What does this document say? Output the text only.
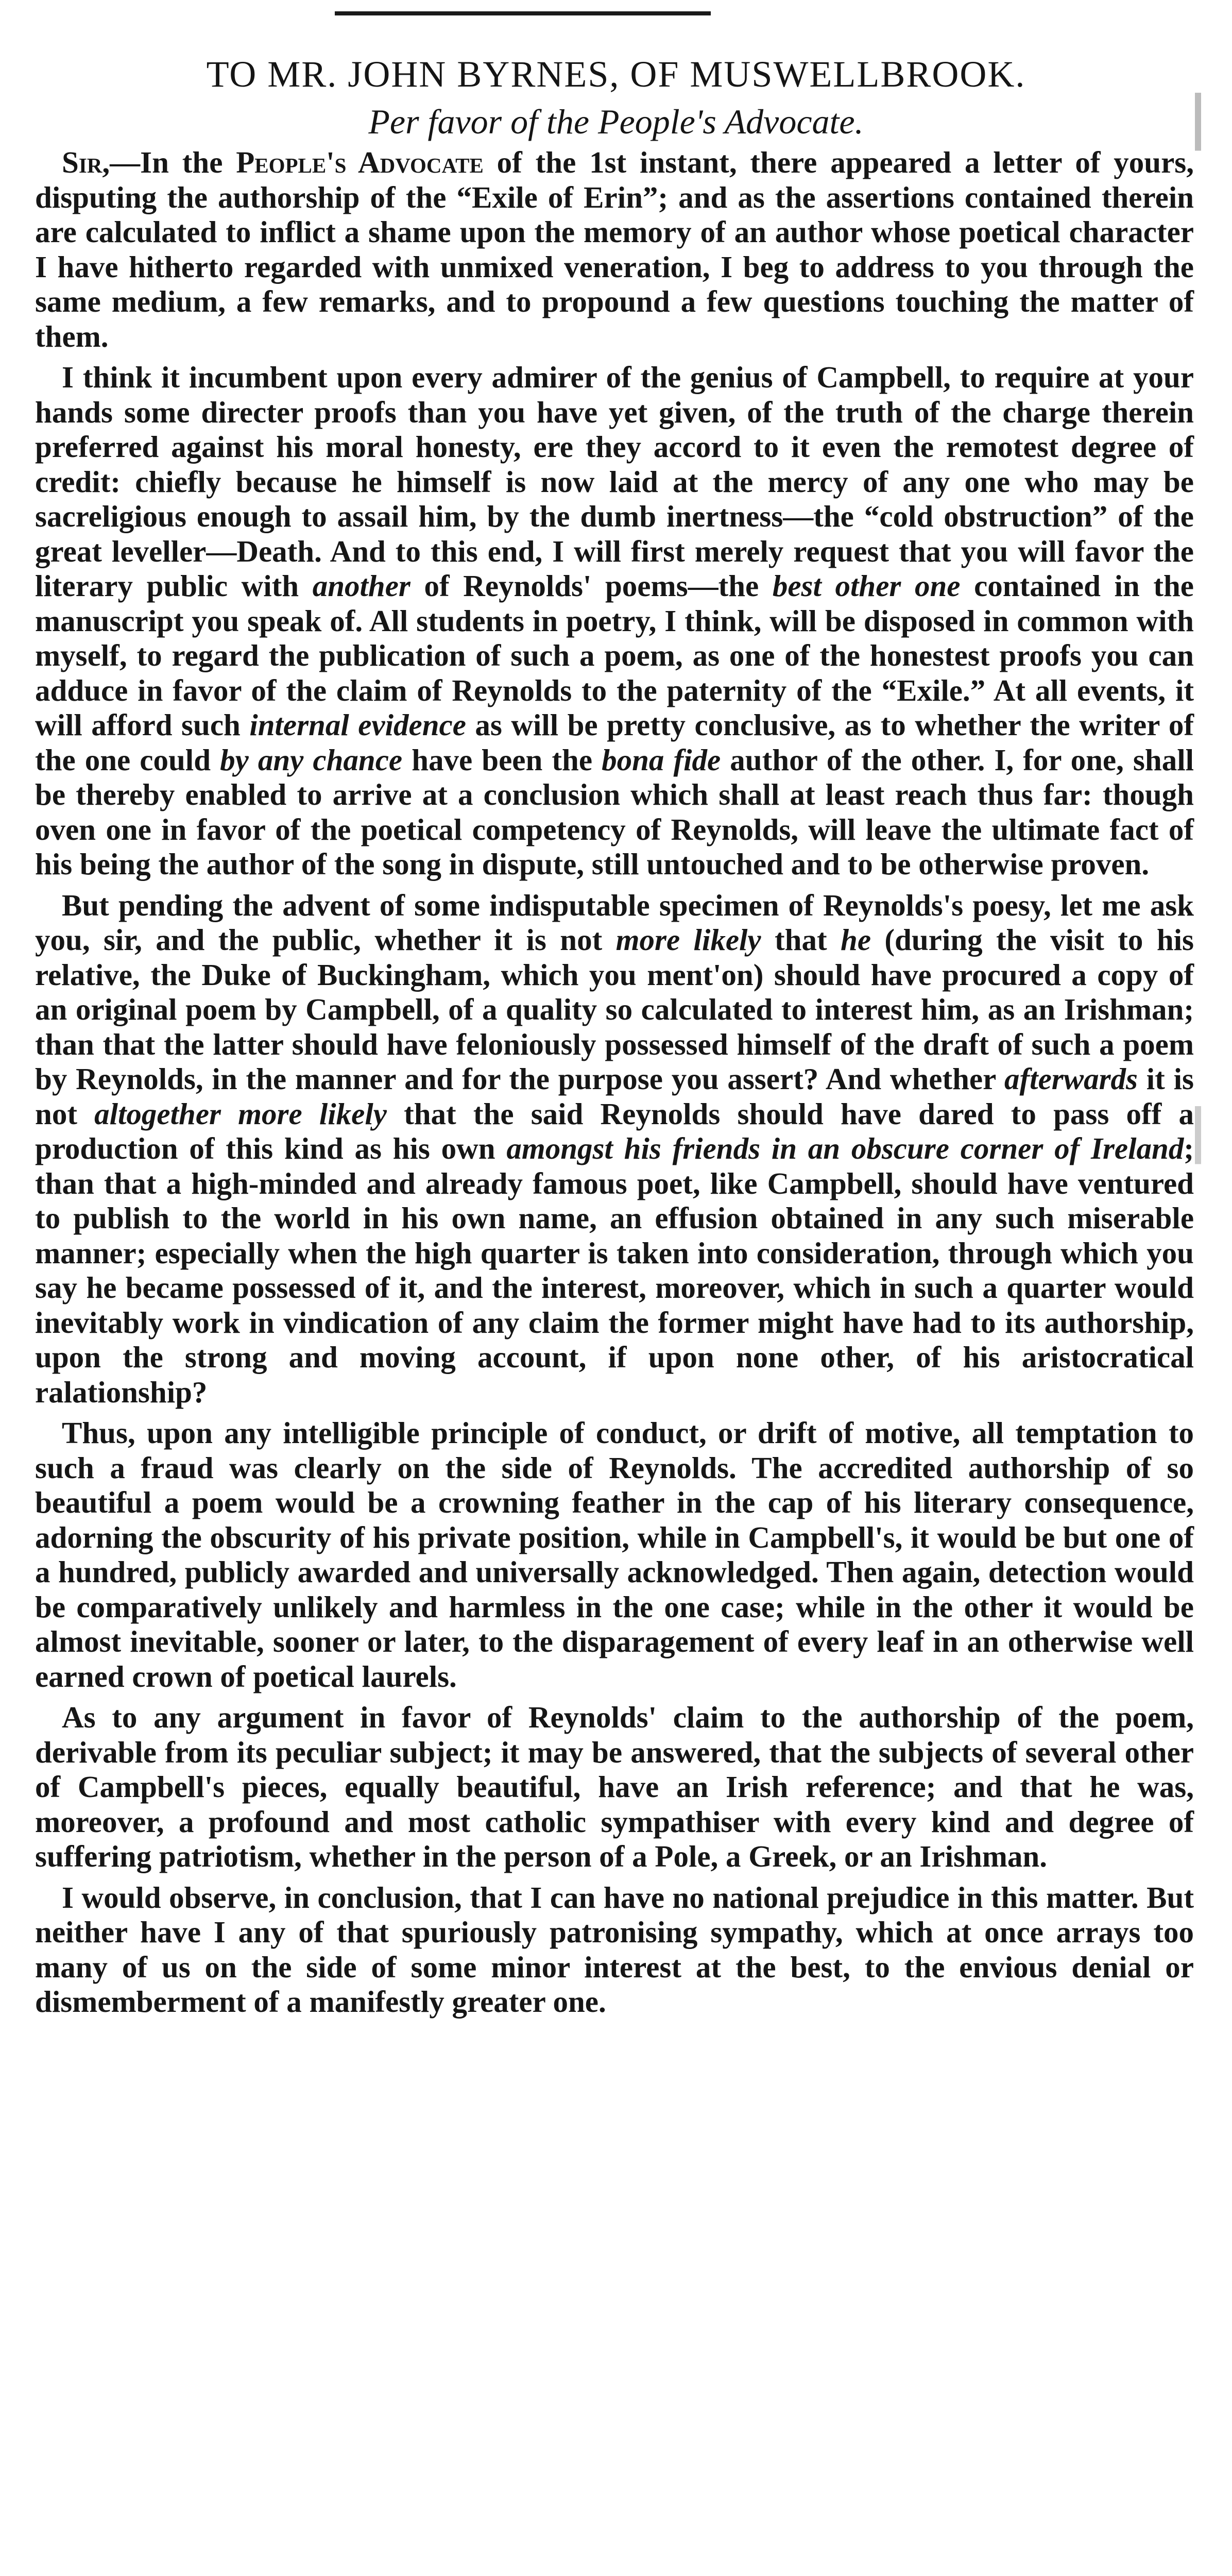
TO MR. JOHN BYRNES, OF MUSWELLBROOK.
Per favor of the People's Advocate.

Sir,—In the People's Advocate of the 1st instant, there appeared a letter of yours, disputing the authorship of the “Exile of Erin”; and as the assertions contained therein are calculated to inflict a shame upon the memory of an author whose poetical character I have hitherto regarded with unmixed veneration, I beg to address to you through the same medium, a few remarks, and to propound a few questions touching the matter of them.

I think it incumbent upon every admirer of the genius of Campbell, to require at your hands some directer proofs than you have yet given, of the truth of the charge therein preferred against his moral honesty, ere they accord to it even the remotest degree of credit: chiefly because he himself is now laid at the mercy of any one who may be sacreligious enough to assail him, by the dumb inertness—the “cold obstruction” of the great leveller—Death. And to this end, I will first merely request that you will favor the literary public with another of Reynolds' poems—the best other one contained in the manuscript you speak of. All students in poetry, I think, will be disposed in common with myself, to regard the publication of such a poem, as one of the honestest proofs you can adduce in favor of the claim of Reynolds to the paternity of the “Exile.” At all events, it will afford such internal evidence as will be pretty conclusive, as to whether the writer of the one could by any chance have been the bona fide author of the other. I, for one, shall be thereby enabled to arrive at a conclusion which shall at least reach thus far: though oven one in favor of the poetical competency of Reynolds, will leave the ultimate fact of his being the author of the song in dispute, still untouched and to be otherwise proven.

But pending the advent of some indisputable specimen of Reynolds's poesy, let me ask you, sir, and the public, whether it is not more likely that he (during the visit to his relative, the Duke of Buckingham, which you ment'on) should have procured a copy of an original poem by Campbell, of a quality so calculated to interest him, as an Irishman; than that the latter should have feloniously possessed himself of the draft of such a poem by Reynolds, in the manner and for the purpose you assert? And whether afterwards it is not altogether more likely that the said Reynolds should have dared to pass off a production of this kind as his own amongst his friends in an obscure corner of Ireland; than that a high-minded and already famous poet, like Campbell, should have ventured to publish to the world in his own name, an effusion obtained in any such miserable manner; especially when the high quarter is taken into consideration, through which you say he became possessed of it, and the interest, moreover, which in such a quarter would inevitably work in vindication of any claim the former might have had to its authorship, upon the strong and moving account, if upon none other, of his aristocratical ralationship?

Thus, upon any intelligible principle of conduct, or drift of motive, all temptation to such a fraud was clearly on the side of Reynolds. The accredited authorship of so beautiful a poem would be a crowning feather in the cap of his literary consequence, adorning the obscurity of his private position, while in Campbell's, it would be but one of a hundred, publicly awarded and universally acknowledged. Then again, detection would be comparatively unlikely and harmless in the one case; while in the other it would be almost inevitable, sooner or later, to the disparagement of every leaf in an otherwise well earned crown of poetical laurels.

As to any argument in favor of Reynolds' claim to the authorship of the poem, derivable from its peculiar subject; it may be answered, that the subjects of several other of Campbell's pieces, equally beautiful, have an Irish reference; and that he was, moreover, a profound and most catholic sympathiser with every kind and degree of suffering patriotism, whether in the person of a Pole, a Greek, or an Irishman.

I would observe, in conclusion, that I can have no national prejudice in this matter. But neither have I any of that spuriously patronising sympathy, which at once arrays too many of us on the side of some minor interest at the best, to the envious denial or dismemberment of a manifestly greater one.
